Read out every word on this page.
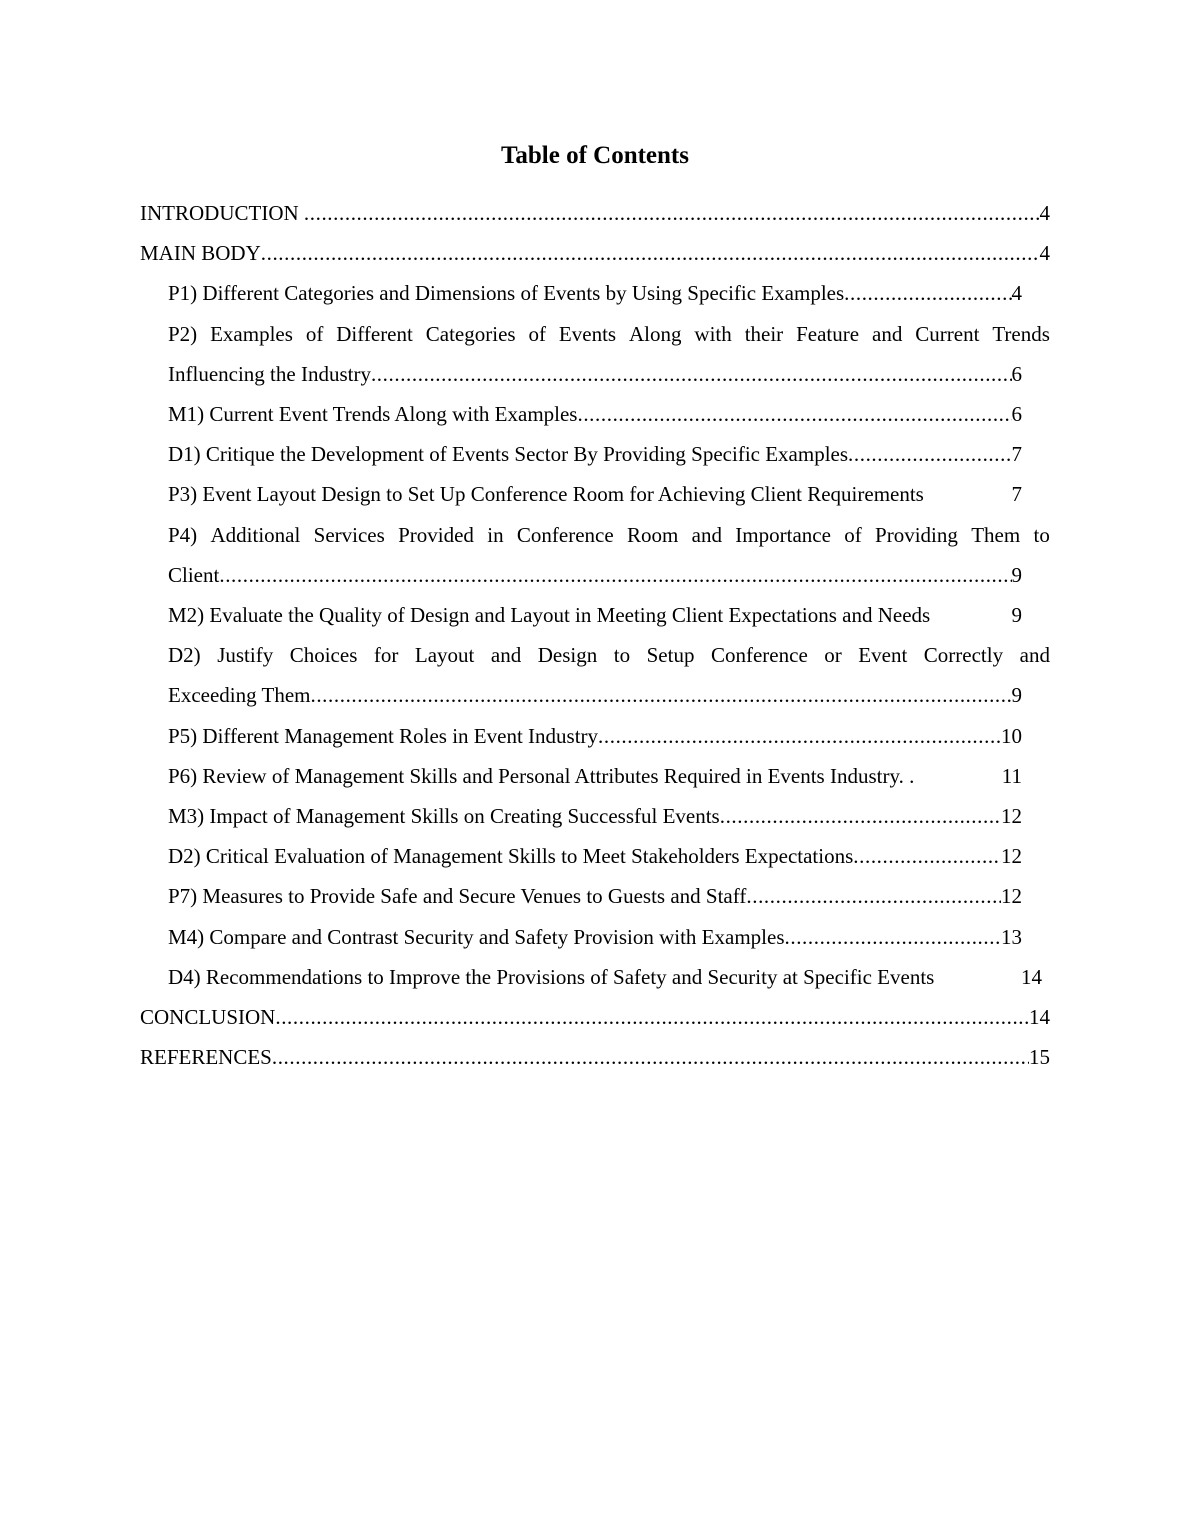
Table of Contents
INTRODUCTION .....	4
MAIN BODY .....	4
P1) Different Categories and Dimensions of Events by Using Specific Examples .....	4
P2) Examples of Different Categories of Events Along with their Feature and Current Trends
Influencing the Industry .....	6
M1) Current Event Trends Along with Examples .....	6
D1) Critique the Development of Events Sector By Providing Specific Examples .....	7
P3) Event Layout Design to Set Up Conference Room for Achieving Client Requirements	7
P4) Additional Services Provided in Conference Room and Importance of Providing Them to
Client .....	9
M2) Evaluate the Quality of Design and Layout in Meeting Client Expectations and Needs	9
D2) Justify Choices for Layout and Design to Setup Conference or Event Correctly and
Exceeding Them .....	9
P5) Different Management Roles in Event Industry .....	10
P6) Review of Management Skills and Personal Attributes Required in Events Industry. .	11
M3) Impact of Management Skills on Creating Successful Events .....	12
D2) Critical Evaluation of Management Skills to Meet Stakeholders Expectations .....	12
P7) Measures to Provide Safe and Secure Venues to Guests and Staff .....	12
M4) Compare and Contrast Security and Safety Provision with Examples .....	13
D4) Recommendations to Improve the Provisions of Safety and Security at Specific Events	14
CONCLUSION .....	14
REFERENCES .....	15
